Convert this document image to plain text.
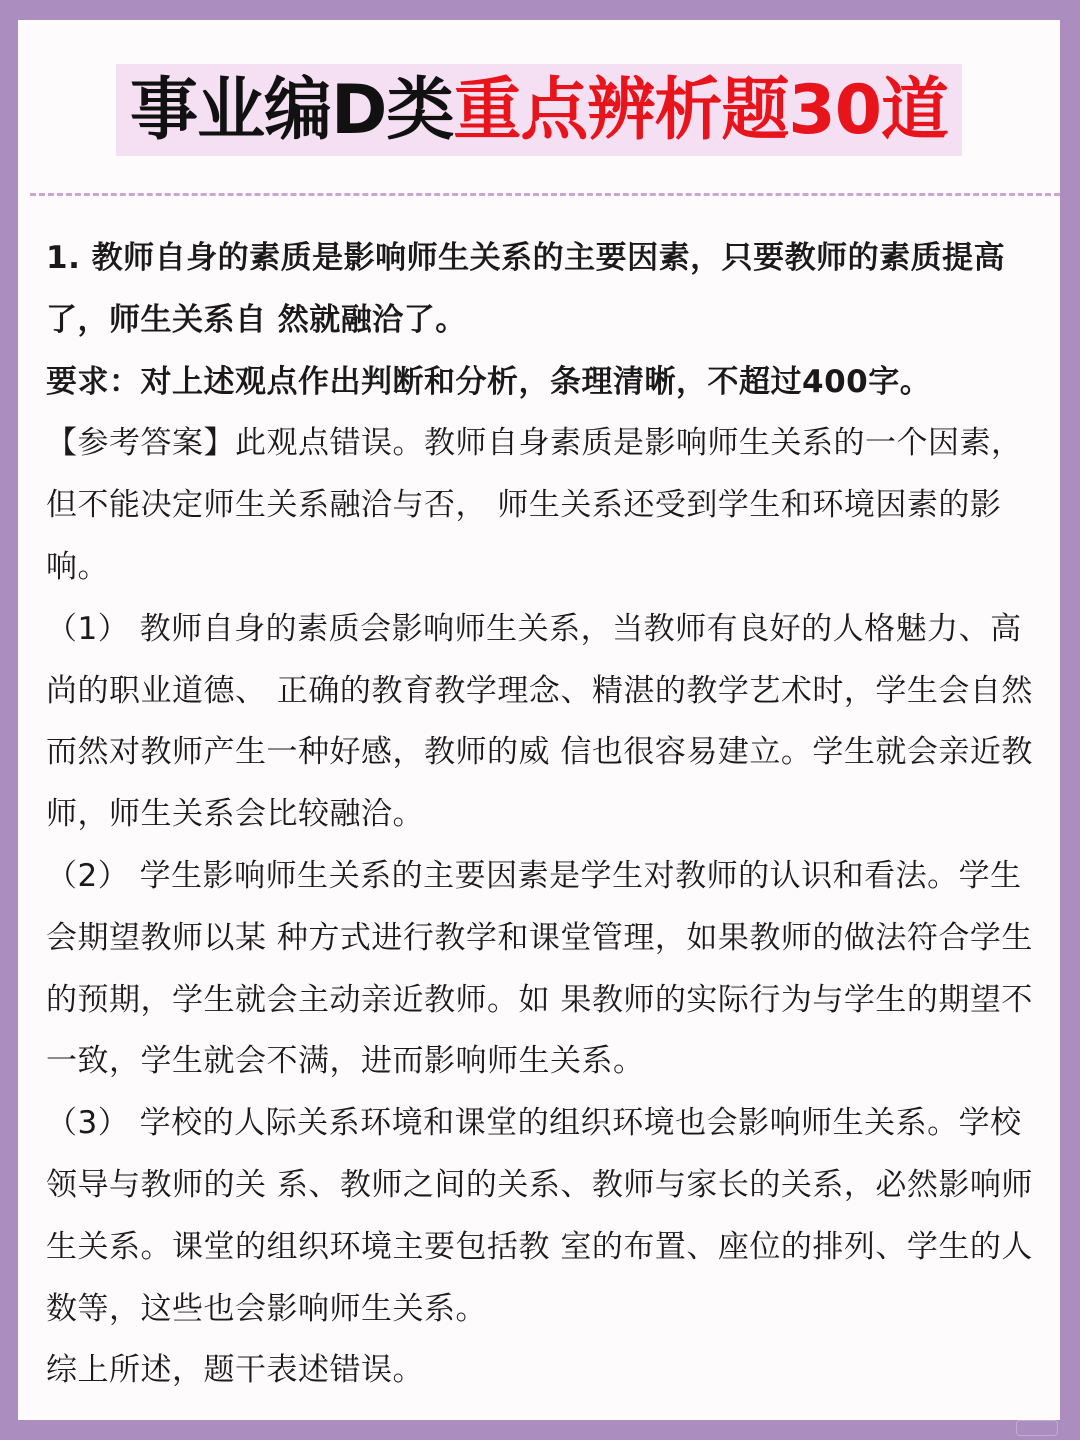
事业编D类重点辨析题30道

1. 教师自身的素质是影响师生关系的主要因素，只要教师的素质提高了，师生关系自 然就融洽了。

要求：对上述观点作出判断和分析，条理清晰，不超过400字。

【参考答案】此观点错误。教师自身素质是影响师生关系的一个因素，但不能决定师生关系融洽与否， 师生关系还受到学生和环境因素的影响。

（1） 教师自身的素质会影响师生关系，当教师有良好的人格魅力、高尚的职业道德、 正确的教育教学理念、精湛的教学艺术时，学生会自然而然对教师产生一种好感，教师的威 信也很容易建立。学生就会亲近教师，师生关系会比较融洽。

（2） 学生影响师生关系的主要因素是学生对教师的认识和看法。学生会期望教师以某 种方式进行教学和课堂管理，如果教师的做法符合学生的预期，学生就会主动亲近教师。如 果教师的实际行为与学生的期望不一致，学生就会不满，进而影响师生关系。

（3） 学校的人际关系环境和课堂的组织环境也会影响师生关系。学校领导与教师的关 系、教师之间的关系、教师与家长的关系，必然影响师生关系。课堂的组织环境主要包括教 室的布置、座位的排列、学生的人数等，这些也会影响师生关系。

综上所述，题干表述错误。
